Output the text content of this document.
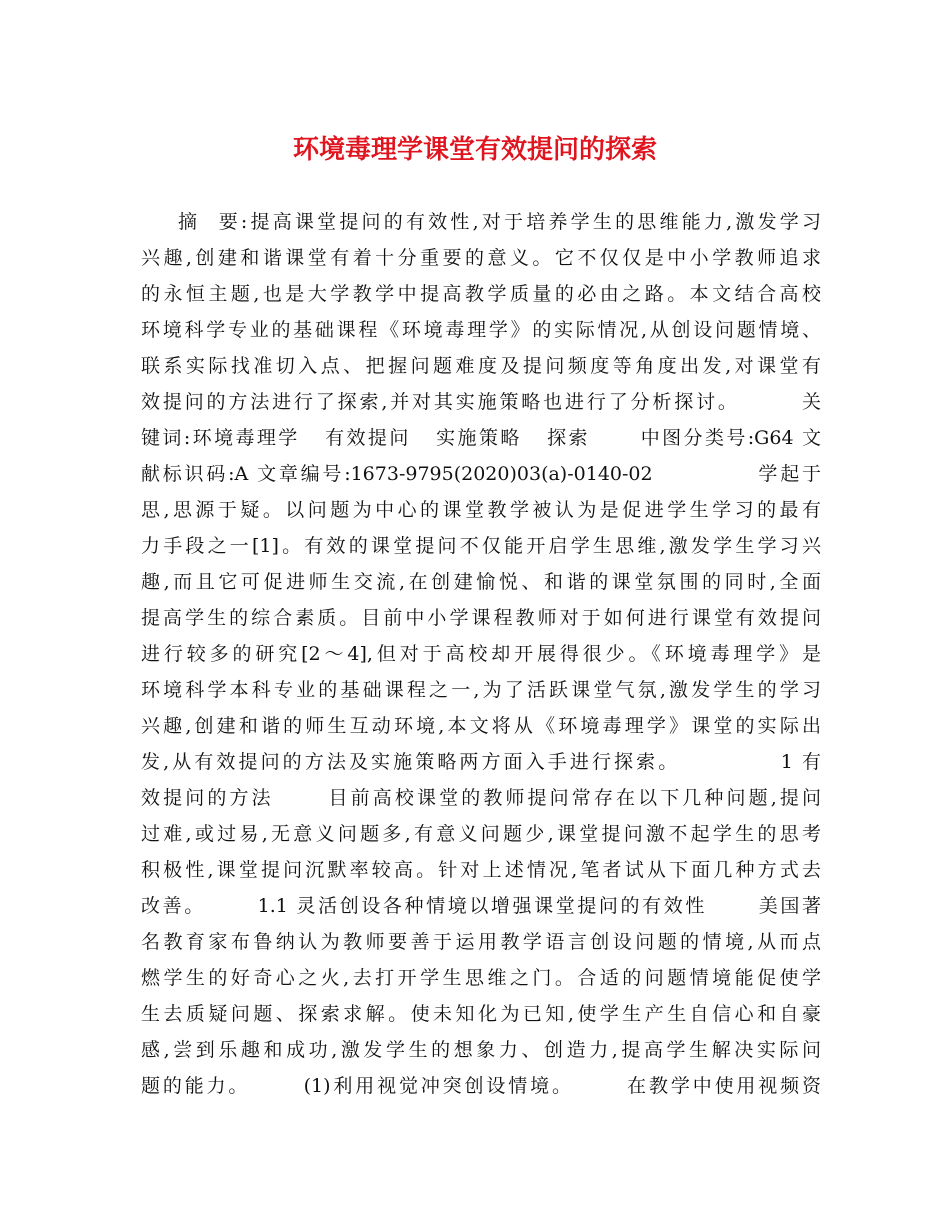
环境毒理学课堂有效提问的探索
摘  要:提高课堂提问的有效性,对于培养学生的思维能力,激发学习
兴趣,创建和谐课堂有着十分重要的意义。它不仅仅是中小学教师追求
的永恒主题,也是大学教学中提高教学质量的必由之路。本文结合高校
环境科学专业的基础课程《环境毒理学》的实际情况,从创设问题情境、
联系实际找准切入点、把握问题难度及提问频度等角度出发,对课堂有
效提问的方法进行了探索,并对其实施策略也进行了分析探讨。       关
键词:环境毒理学   有效提问   实施策略   探索      中图分类号:G64 文
献标识码:A 文章编号:1673-9795(2020)03(a)-0140-02            学起于
思,思源于疑。以问题为中心的课堂教学被认为是促进学生学习的最有
力手段之一[1]。有效的课堂提问不仅能开启学生思维,激发学生学习兴
趣,而且它可促进师生交流,在创建愉悦、和谐的课堂氛围的同时,全面
提高学生的综合素质。目前中小学课程教师对于如何进行课堂有效提问
进行较多的研究[2～4],但对于高校却开展得很少。《环境毒理学》是
环境科学本科专业的基础课程之一,为了活跃课堂气氛,激发学生的学习
兴趣,创建和谐的师生互动环境,本文将从《环境毒理学》课堂的实际出
发,从有效提问的方法及实施策略两方面入手进行探索。           1 有
效提问的方法      目前高校课堂的教师提问常存在以下几种问题,提问
过难,或过易,无意义问题多,有意义问题少,课堂提问激不起学生的思考
积极性,课堂提问沉默率较高。针对上述情况,笔者试从下面几种方式去
改善。      1.1 灵活创设各种情境以增强课堂提问的有效性      美国著
名教育家布鲁纳认为教师要善于运用教学语言创设问题的情境,从而点
燃学生的好奇心之火,去打开学生思维之门。合适的问题情境能促使学
生去质疑问题、探索求解。使未知化为已知,使学生产生自信心和自豪
感,尝到乐趣和成功,激发学生的想象力、创造力,提高学生解决实际问
题的能力。      (1)利用视觉冲突创设情境。      在教学中使用视频资
